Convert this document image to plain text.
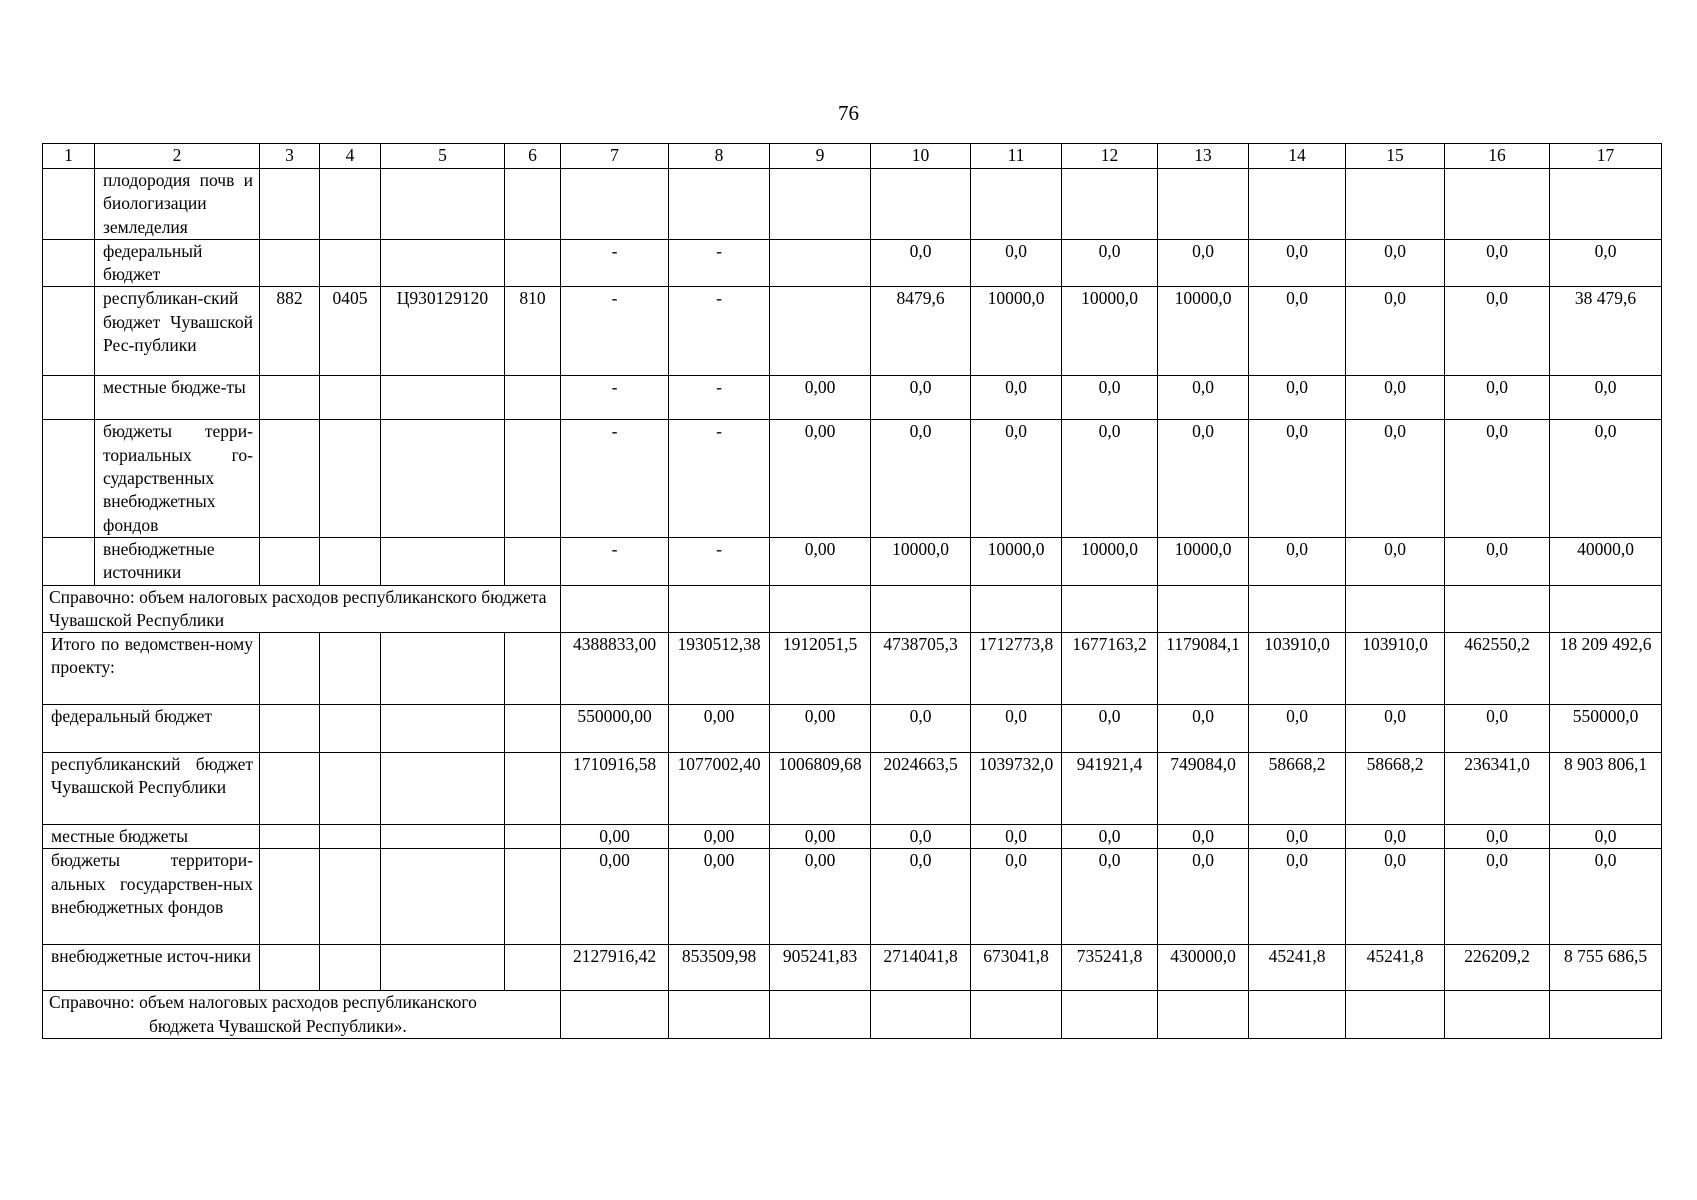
76
1	2	3	4	5	6	7	8	9	10	11	12	13	14	15	16	17
	плодородия почв и биологизации земледелия															
	федеральный бюджет					-	-		0,0	0,0	0,0	0,0	0,0	0,0	0,0	0,0
	республикан-ский бюджет Чувашской Рес-публики	882	0405	Ц930129120	810	-	-		8479,6	10000,0	10000,0	10000,0	0,0	0,0	0,0	38 479,6
	местные бюдже-ты					-	-	0,00	0,0	0,0	0,0	0,0	0,0	0,0	0,0	0,0
	бюджеты терри-ториальных го-сударственных внебюджетных фондов					-	-	0,00	0,0	0,0	0,0	0,0	0,0	0,0	0,0	0,0
	внебюджетные источники					-	-	0,00	10000,0	10000,0	10000,0	10000,0	0,0	0,0	0,0	40000,0
Справочно: объем налоговых расходов республиканского бюджета Чувашской Республики																
Итого по ведомствен-ному проекту:						4388833,00	1930512,38	1912051,5	4738705,3	1712773,8	1677163,2	1179084,1	103910,0	103910,0	462550,2	18 209 492,6
федеральный бюджет						550000,00	0,00	0,00	0,0	0,0	0,0	0,0	0,0	0,0	0,0	550000,0
республиканский бюджет Чувашской Республики						1710916,58	1077002,40	1006809,68	2024663,5	1039732,0	941921,4	749084,0	58668,2	58668,2	236341,0	8 903 806,1
местные бюджеты						0,00	0,00	0,00	0,0	0,0	0,0	0,0	0,0	0,0	0,0	0,0
бюджеты территори-альных государствен-ных внебюджетных фондов						0,00	0,00	0,00	0,0	0,0	0,0	0,0	0,0	0,0	0,0	0,0
внебюджетные источ-ники						2127916,42	853509,98	905241,83	2714041,8	673041,8	735241,8	430000,0	45241,8	45241,8	226209,2	8 755 686,5

Справочно: объем налоговых расходов республиканского
бюджета Чувашской Республики».																
